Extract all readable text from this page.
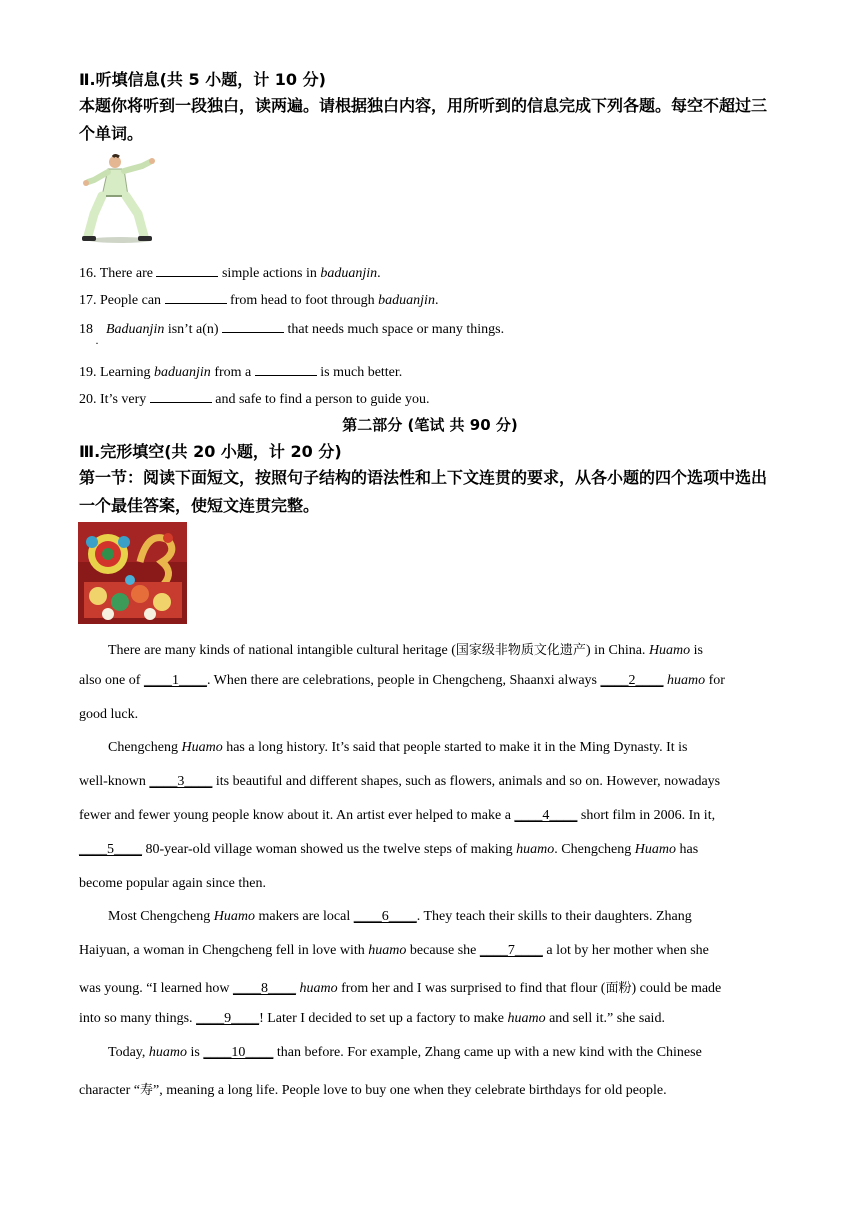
Ⅱ.听填信息(共 5 小题，计 10 分)
本题你将听到一段独白，读两遍。请根据独白内容，用所听到的信息完成下列各题。每空不超过三个单词。
16. There are	simple actions in baduanjin.
17. People can	from head to foot through baduanjin.
18 Baduanjin isn’t a(n)	that needs much space or many things.
·
19. Learning baduanjin from a	is much better.
20. It’s very	and safe to find a person to guide you.
第二部分 (笔试 共 90 分)
Ⅲ.完形填空(共 20 小题，计 20 分)
第一节：阅读下面短文，按照句子结构的语法性和上下文连贯的要求，从各小题的四个选项中选出一个最佳答案，使短文连贯完整。
There are many kinds of national intangible cultural heritage (国家级非物质文化遗产) in China. Huamo is
also one of ____1____. When there are celebrations, people in Chengcheng, Shaanxi always ____2____ huamo for
good luck.
Chengcheng Huamo has a long history. It’s said that people started to make it in the Ming Dynasty. It is
well-known ____3____ its beautiful and different shapes, such as flowers, animals and so on. However, nowadays
fewer and fewer young people know about it. An artist ever helped to make a ____4____ short film in 2006. In it,
____5____ 80-year-old village woman showed us the twelve steps of making huamo. Chengcheng Huamo has
become popular again since then.
Most Chengcheng Huamo makers are local ____6____. They teach their skills to their daughters. Zhang
Haiyuan, a woman in Chengcheng fell in love with huamo because she ____7____ a lot by her mother when she
was young. “I learned how ____8____ huamo from her and I was surprised to find that flour (面粉) could be made
into so many things. ____9____! Later I decided to set up a factory to make huamo and sell it.” she said.
Today, huamo is ____10____ than before. For example, Zhang came up with a new kind with the Chinese
character “寿”, meaning a long life. People love to buy one when they celebrate birthdays for old people.
